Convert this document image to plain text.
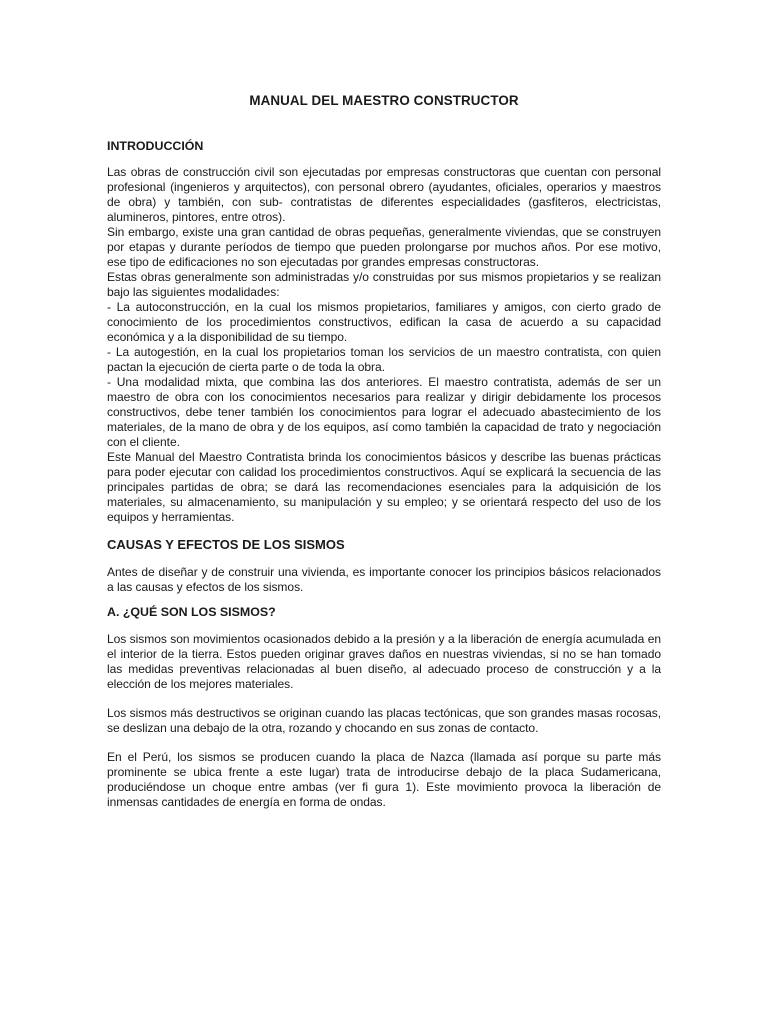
MANUAL DEL MAESTRO CONSTRUCTOR
INTRODUCCIÓN

Las obras de construcción civil son ejecutadas por empresas constructoras que cuentan con personal profesional (ingenieros y arquitectos), con personal obrero (ayudantes, oficiales, operarios y maestros de obra) y también, con sub- contratistas de diferentes especialidades (gasfiteros, electricistas, alumineros, pintores, entre otros).

Sin embargo, existe una gran cantidad de obras pequeñas, generalmente viviendas, que se construyen por etapas y durante períodos de tiempo que pueden prolongarse por muchos años. Por ese motivo, ese tipo de edificaciones no son ejecutadas por grandes empresas constructoras.

Estas obras generalmente son administradas y/o construidas por sus mismos propietarios y se realizan bajo las siguientes modalidades:

- La autoconstrucción, en la cual los mismos propietarios, familiares y amigos, con cierto grado de conocimiento de los procedimientos constructivos, edifican la casa de acuerdo a su capacidad económica y a la disponibilidad de su tiempo.

- La autogestión, en la cual los propietarios toman los servicios de un maestro contratista, con quien pactan la ejecución de cierta parte o de toda la obra.

- Una modalidad mixta, que combina las dos anteriores. El maestro contratista, además de ser un maestro de obra con los conocimientos necesarios para realizar y dirigir debidamente los procesos constructivos, debe tener también los conocimientos para lograr el adecuado abastecimiento de los materiales, de la mano de obra y de los equipos, así como también la capacidad de trato y negociación con el cliente.

Este Manual del Maestro Contratista brinda los conocimientos básicos y describe las buenas prácticas para poder ejecutar con calidad los procedimientos constructivos. Aquí se explicará la secuencia de las principales partidas de obra; se dará las recomendaciones esenciales para la adquisición de los materiales, su almacenamiento, su manipulación y su empleo; y se orientará respecto del uso de los equipos y herramientas.

CAUSAS Y EFECTOS DE LOS SISMOS

Antes de diseñar y de construir una vivienda, es importante conocer los principios básicos relacionados a las causas y efectos de los sismos.

A. ¿QUÉ SON LOS SISMOS?

Los sismos son movimientos ocasionados debido a la presión y a la liberación de energía acumulada en el interior de la tierra. Estos pueden originar graves daños en nuestras viviendas, si no se han tomado las medidas preventivas relacionadas al buen diseño, al adecuado proceso de construcción y a la elección de los mejores materiales.

Los sismos más destructivos se originan cuando las placas tectónicas, que son grandes masas rocosas, se deslizan una debajo de la otra, rozando y chocando en sus zonas de contacto.

En el Perú, los sismos se producen cuando la placa de Nazca (llamada así porque su parte más prominente se ubica frente a este lugar) trata de introducirse debajo de la placa Sudamericana, produciéndose un choque entre ambas (ver fi gura 1). Este movimiento provoca la liberación de inmensas cantidades de energía en forma de ondas.
